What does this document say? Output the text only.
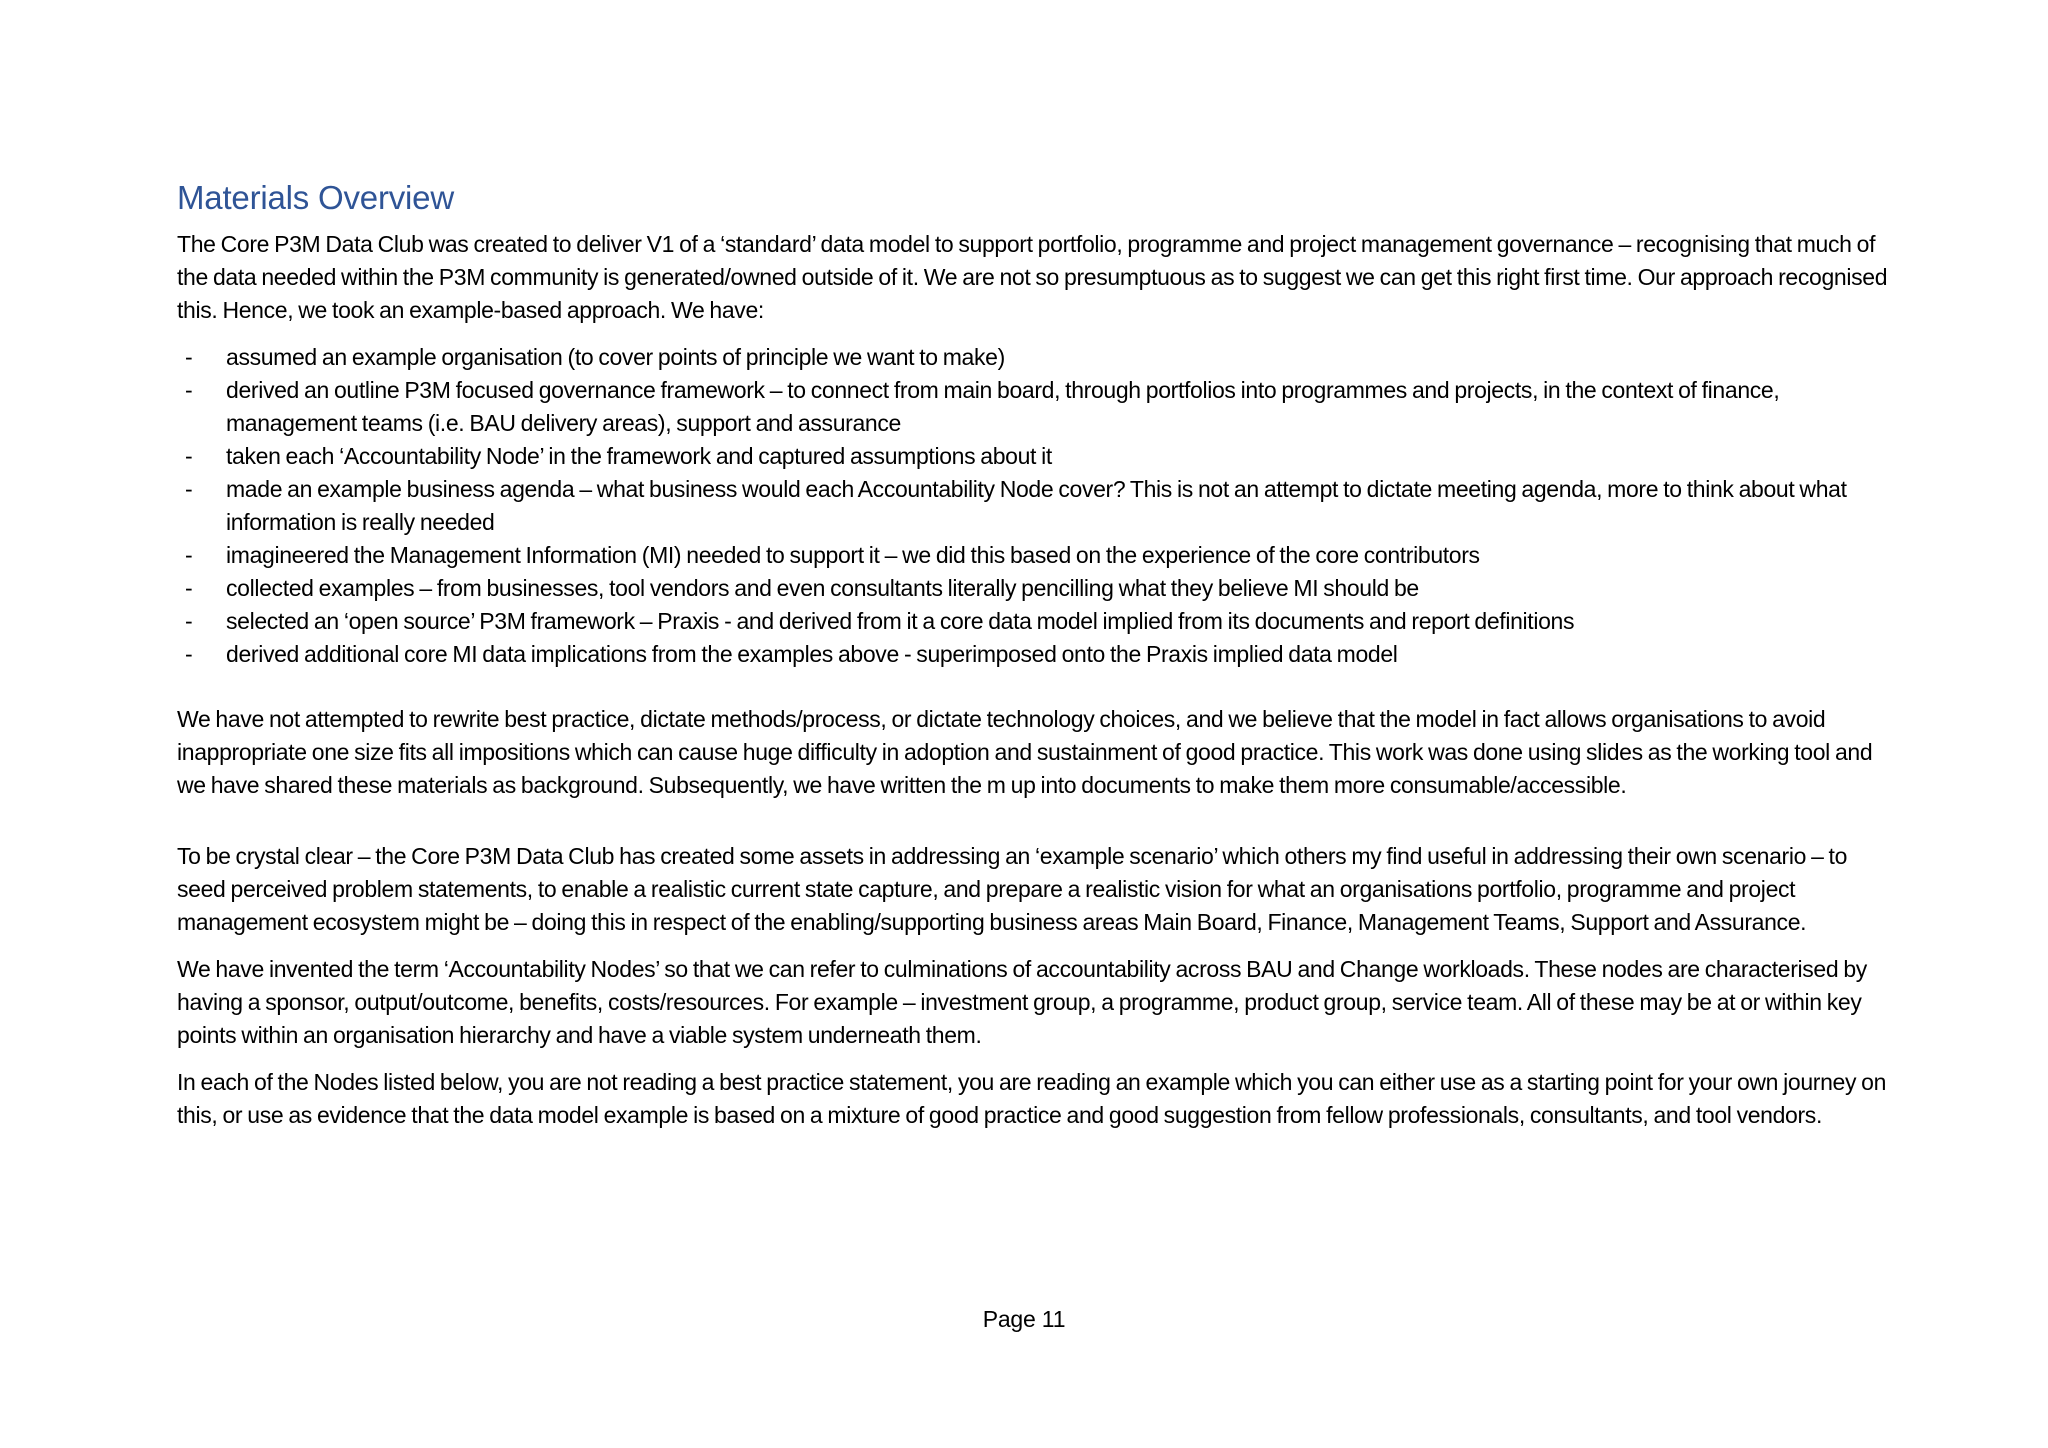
Materials Overview

The Core P3M Data Club was created to deliver V1 of a ‘standard’ data model to support portfolio, programme and project management governance – recognising that much of the data needed within the P3M community is generated/owned outside of it. We are not so presumptuous as to suggest we can get this right first time. Our approach recognised this. Hence, we took an example-based approach. We have:

- assumed an example organisation (to cover points of principle we want to make)
- derived an outline P3M focused governance framework – to connect from main board, through portfolios into programmes and projects, in the context of finance, management teams (i.e. BAU delivery areas), support and assurance
- taken each ‘Accountability Node’ in the framework and captured assumptions about it
- made an example business agenda – what business would each Accountability Node cover? This is not an attempt to dictate meeting agenda, more to think about what information is really needed
- imagineered the Management Information (MI) needed to support it – we did this based on the experience of the core contributors
- collected examples – from businesses, tool vendors and even consultants literally pencilling what they believe MI should be
- selected an ‘open source’ P3M framework – Praxis - and derived from it a core data model implied from its documents and report definitions
- derived additional core MI data implications from the examples above - superimposed onto the Praxis implied data model

We have not attempted to rewrite best practice, dictate methods/process, or dictate technology choices, and we believe that the model in fact allows organisations to avoid inappropriate one size fits all impositions which can cause huge difficulty in adoption and sustainment of good practice. This work was done using slides as the working tool and we have shared these materials as background. Subsequently, we have written the m up into documents to make them more consumable/accessible.

To be crystal clear – the Core P3M Data Club has created some assets in addressing an ‘example scenario’ which others my find useful in addressing their own scenario – to seed perceived problem statements, to enable a realistic current state capture, and prepare a realistic vision for what an organisations portfolio, programme and project management ecosystem might be – doing this in respect of the enabling/supporting business areas Main Board, Finance, Management Teams, Support and Assurance.

We have invented the term ‘Accountability Nodes’ so that we can refer to culminations of accountability across BAU and Change workloads. These nodes are characterised by having a sponsor, output/outcome, benefits, costs/resources. For example – investment group, a programme, product group, service team. All of these may be at or within key points within an organisation hierarchy and have a viable system underneath them.

In each of the Nodes listed below, you are not reading a best practice statement, you are reading an example which you can either use as a starting point for your own journey on this, or use as evidence that the data model example is based on a mixture of good practice and good suggestion from fellow professionals, consultants, and tool vendors.

Page 11
